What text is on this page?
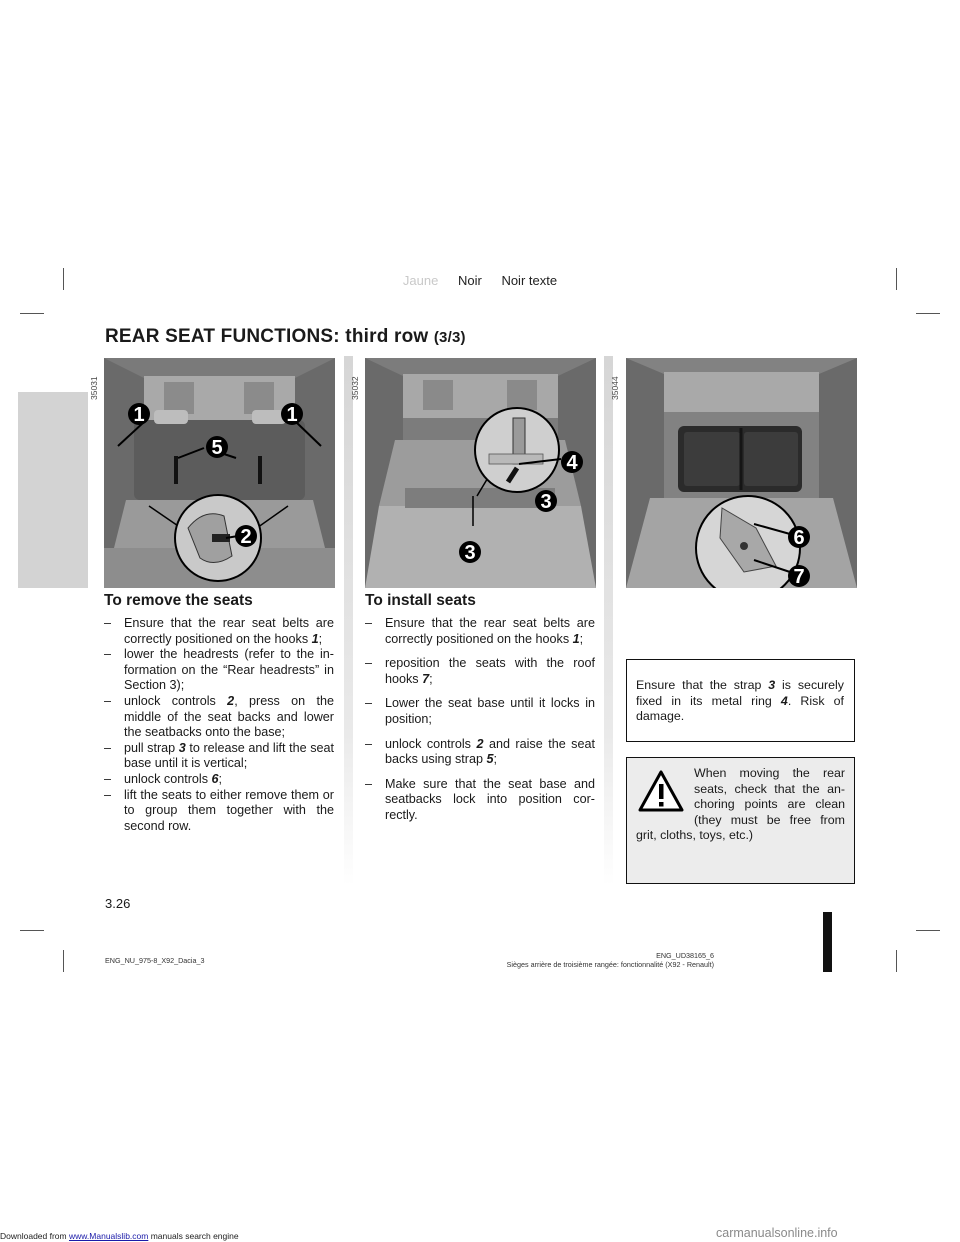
Jaune Noir Noir texte
REAR SEAT FUNCTIONS: third row (3/3)
35031	35032	35044
1	1
5
2
4
3
3
6
7
To remove the seats
– Ensure that the rear seat belts are correctly positioned on the hooks 1;
– lower the headrests (refer to the in-formation on the “Rear headrests” in Section 3);
– unlock controls 2, press on the middle of the seat backs and lower the seatbacks onto the base;
– pull strap 3 to release and lift the seat base until it is vertical;
– unlock controls 6;
– lift the seats to either remove them or to group them together with the second row.
To install seats
– Ensure that the rear seat belts are correctly positioned on the hooks 1;
– reposition the seats with the roof hooks 7;
– Lower the seat base until it locks in position;
– unlock controls 2 and raise the seat backs using strap 5;
– Make sure that the seat base and seatbacks lock into position cor-rectly.
Ensure that the strap 3 is securely fixed in its metal ring 4. Risk of damage.

When moving the rear seats, check that the an-choring points are clean (they must be free from grit, cloths, toys, etc.)

3.26
ENG_NU_975-8_X92_Dacia_3
ENG_UD38165_6
Sièges arrière de troisième rangée: fonctionnalité (X92 - Renault)
Downloaded from www.Manualslib.com manuals search engine	carmanualsonline.info
